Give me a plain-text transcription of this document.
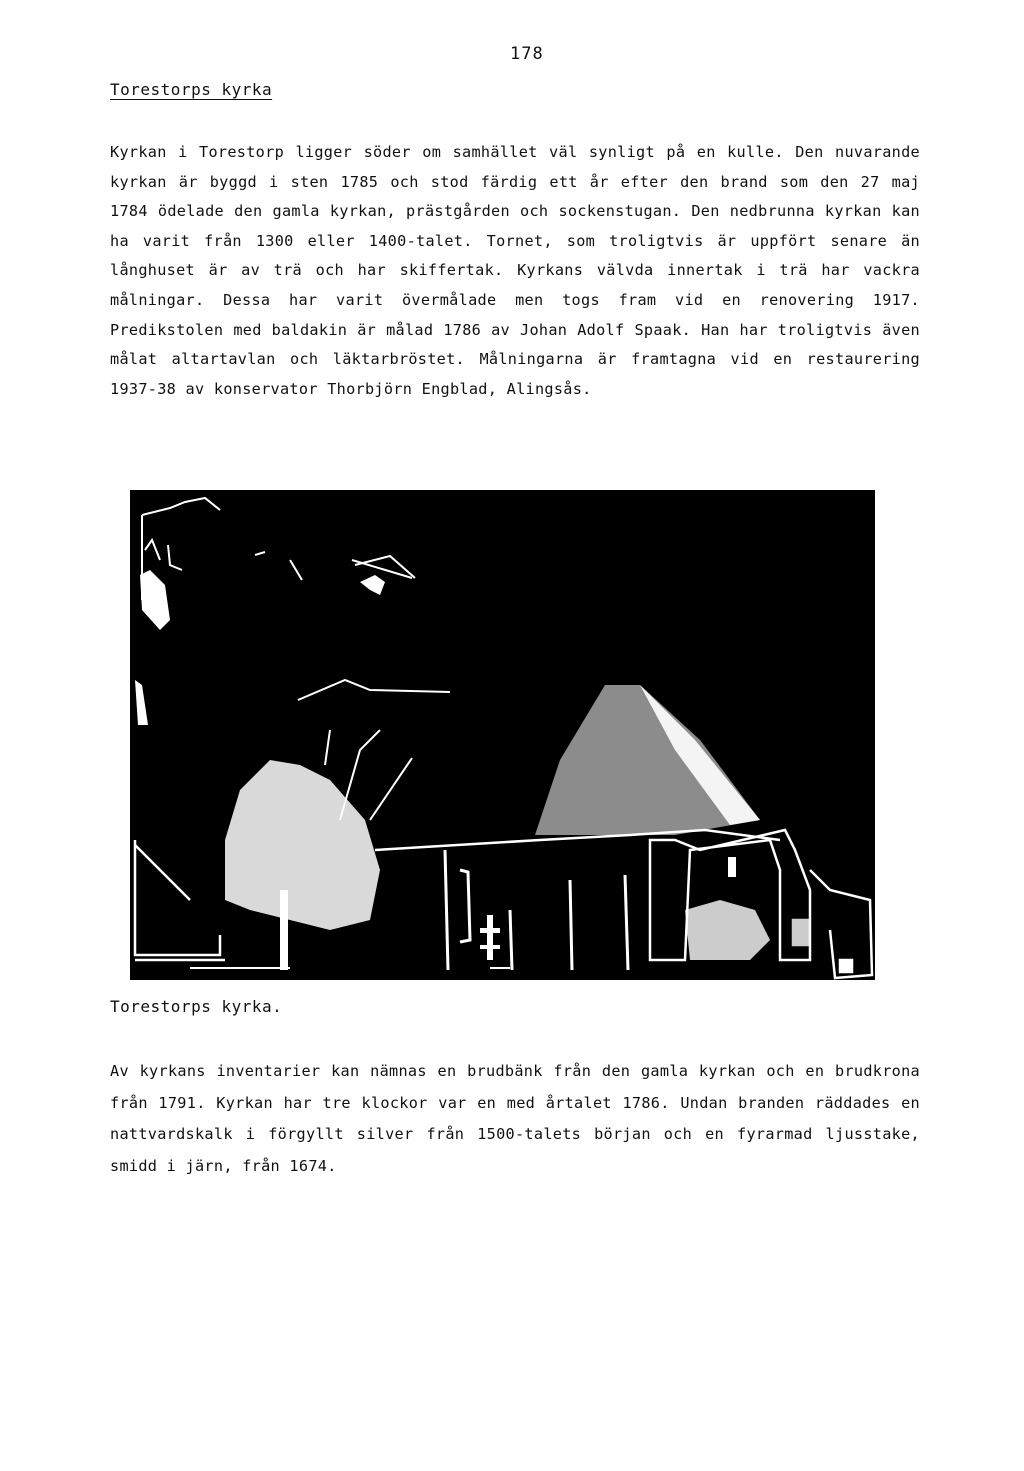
178
Torestorps kyrka

Kyrkan i Torestorp ligger söder om samhället väl synligt på en kulle. Den nuvarande kyrkan är byggd i sten 1785 och stod färdig ett år efter den brand som den 27 maj 1784 ödelade den gamla kyrkan, prästgården och sockenstugan. Den nedbrunna kyrkan kan ha varit från 1300 eller 1400-talet. Tornet, som troligtvis är uppfört senare än långhuset är av trä och har skiffertak. Kyrkans välvda innertak i trä har vackra målningar. Dessa har varit övermålade men togs fram vid en renovering 1917. Predikstolen med baldakin är målad 1786 av Johan Adolf Spaak. Han har troligtvis även målat altartavlan och läktarbröstet. Målningarna är framtagna vid en restaurering 1937-38 av konservator Thorbjörn Engblad, Alingsås.

Torestorps kyrka.

Av kyrkans inventarier kan nämnas en brudbänk från den gamla kyrkan och en brudkrona från 1791. Kyrkan har tre klockor var en med årtalet 1786. Undan branden räddades en nattvardskalk i förgyllt silver från 1500-talets början och en fyrarmad ljusstake, smidd i järn, från 1674.
